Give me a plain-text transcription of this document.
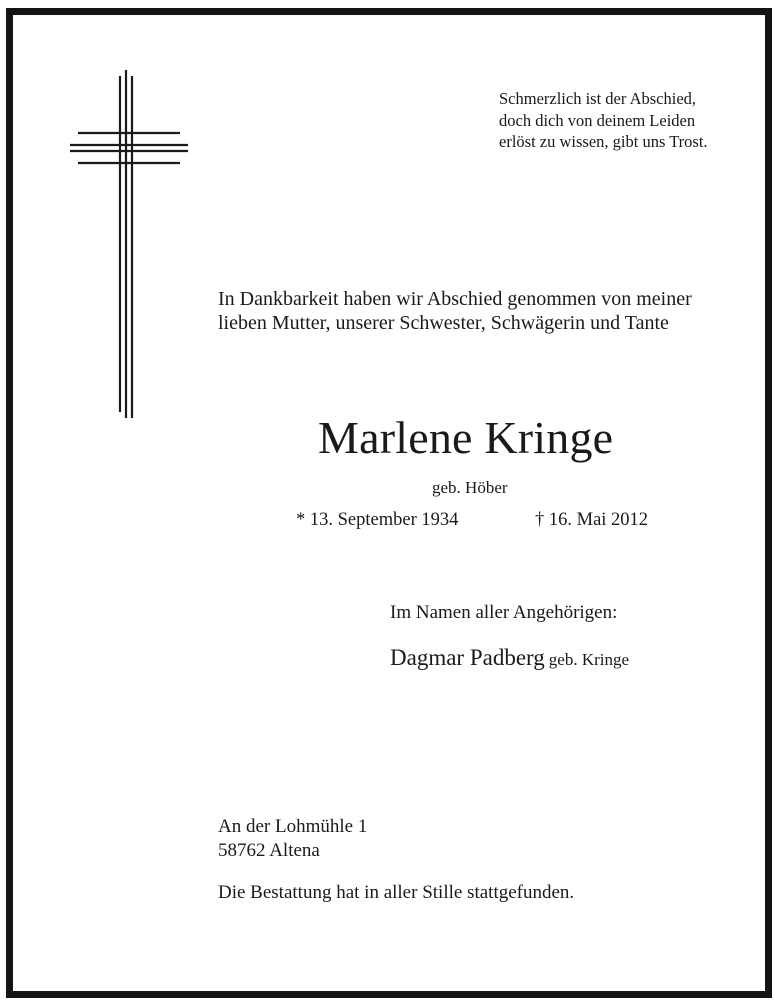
Schmerzlich ist der Abschied,
doch dich von deinem Leiden
erlöst zu wissen, gibt uns Trost.
In Dankbarkeit haben wir Abschied genommen von meiner
lieben Mutter, unserer Schwester, Schwägerin und Tante
Marlene Kringe
geb. Höber
* 13. September 1934	† 16. Mai 2012
Im Namen aller Angehörigen:
Dagmar Padberg geb. Kringe
An der Lohmühle 1
58762 Altena
Die Bestattung hat in aller Stille stattgefunden.
